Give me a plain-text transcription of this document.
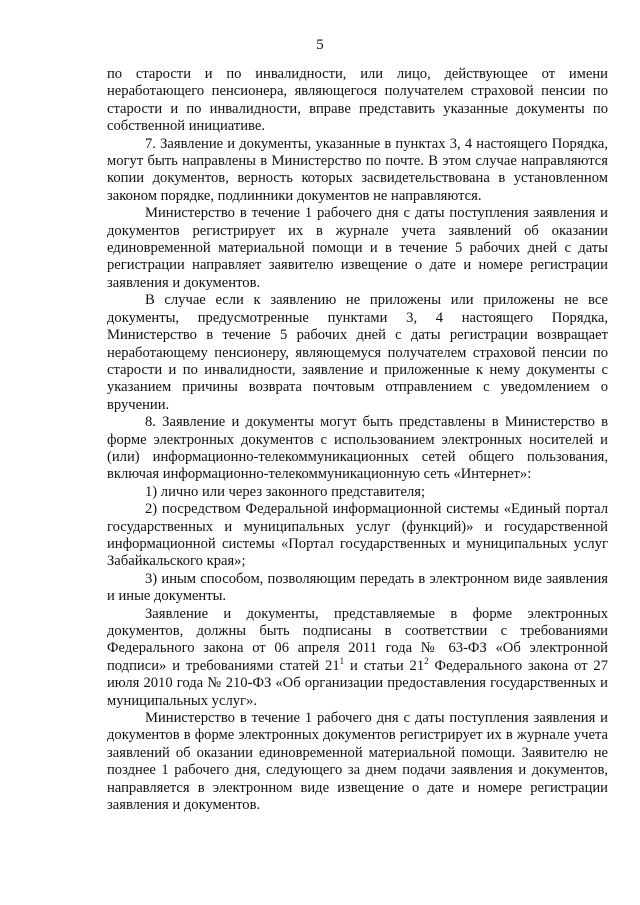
5

по старости и по инвалидности, или лицо, действующее от имени неработающего пенсионера, являющегося получателем страховой пенсии по старости и по инвалидности, вправе представить указанные документы по собственной инициативе.

7. Заявление и документы, указанные в пунктах 3, 4 настоящего Порядка, могут быть направлены в Министерство по почте. В этом случае направляются копии документов, верность которых засвидетельствована в установленном законом порядке, подлинники документов не направляются.

Министерство в течение 1 рабочего дня с даты поступления заявления и документов регистрирует их в журнале учета заявлений об оказании единовременной материальной помощи и в течение 5 рабочих дней с даты регистрации направляет заявителю извещение о дате и номере регистрации заявления и документов.

В случае если к заявлению не приложены или приложены не все документы, предусмотренные пунктами 3, 4 настоящего Порядка, Министерство в течение 5 рабочих дней с даты регистрации возвращает неработающему пенсионеру, являющемуся получателем страховой пенсии по старости и по инвалидности, заявление и приложенные к нему документы с указанием причины возврата почтовым отправлением с уведомлением о вручении.

8. Заявление и документы могут быть представлены в Министерство в форме электронных документов с использованием электронных носителей и (или) информационно-телекоммуникационных сетей общего пользования, включая информационно-телекоммуникационную сеть «Интернет»:

1) лично или через законного представителя;

2) посредством Федеральной информационной системы «Единый портал государственных и муниципальных услуг (функций)» и государственной информационной системы «Портал государственных и муниципальных услуг Забайкальского края»;

3) иным способом, позволяющим передать в электронном виде заявления и иные документы.

Заявление и документы, представляемые в форме электронных документов, должны быть подписаны в соответствии с требованиями Федерального закона от 06 апреля 2011 года № 63-ФЗ «Об электронной подписи» и требованиями статей $21^1$ и статьи $21^2$ Федерального закона от 27 июля 2010 года № 210-ФЗ «Об организации предоставления государственных и муниципальных услуг».

Министерство в течение 1 рабочего дня с даты поступления заявления и документов в форме электронных документов регистрирует их в журнале учета заявлений об оказании единовременной материальной помощи. Заявителю не позднее 1 рабочего дня, следующего за днем подачи заявления и документов, направляется в электронном виде извещение о дате и номере регистрации заявления и документов.
